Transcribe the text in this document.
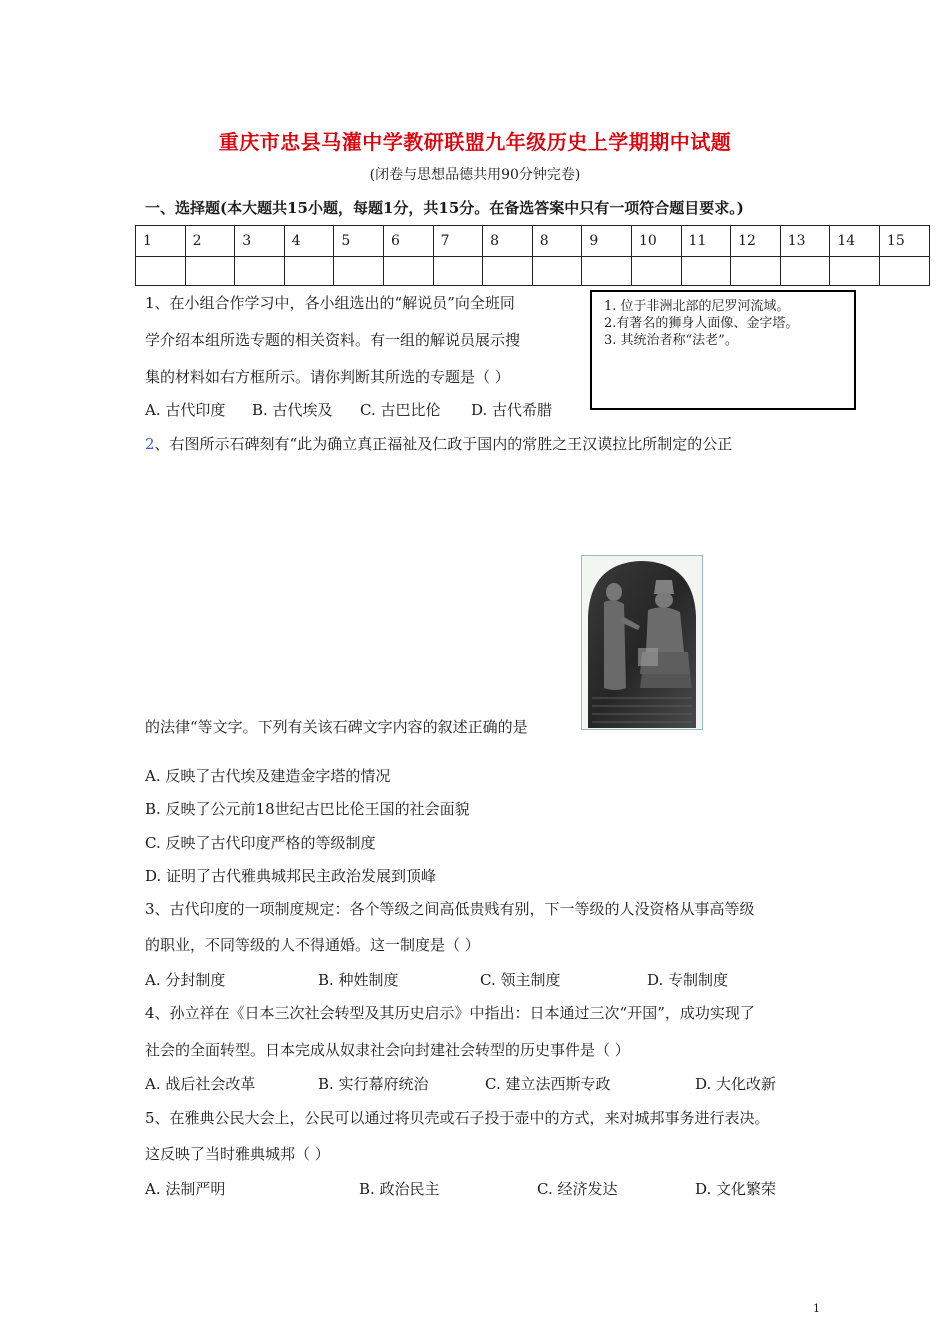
重庆市忠县马灌中学教研联盟九年级历史上学期期中试题
(闭卷与思想品德共用90分钟完卷)
一、选择题(本大题共15小题，每题1分，共15分。在备选答案中只有一项符合题目要求。)
1	2	3	4	5	6	7	8	8	9	10	11	12	13	14	15

1、在小组合作学习中，各小组选出的“解说员”向全班同
学介绍本组所选专题的相关资料。有一组的解说员展示搜
集的材料如右方框所示。请你判断其所选的专题是（ ）
A. 古代印度 B. 古代埃及 C. 古巴比伦 D. 古代希腊
1. 位于非洲北部的尼罗河流域。
2.有著名的狮身人面像、金字塔。
3. 其统治者称“法老”。
2、右图所示石碑刻有“此为确立真正福祉及仁政于国内的常胜之王汉谟拉比所制定的公正
的法律“等文字。下列有关该石碑文字内容的叙述正确的是
A. 反映了古代埃及建造金字塔的情况
B. 反映了公元前18世纪古巴比伦王国的社会面貌
C. 反映了古代印度严格的等级制度
D. 证明了古代雅典城邦民主政治发展到顶峰
3、古代印度的一项制度规定：各个等级之间高低贵贱有别，下一等级的人没资格从事高等级
的职业，不同等级的人不得通婚。这一制度是（ ）
A. 分封制度	B. 种姓制度	C. 领主制度	D. 专制制度
4、孙立祥在《日本三次社会转型及其历史启示》中指出：日本通过三次“开国”，成功实现了
社会的全面转型。日本完成从奴隶社会向封建社会转型的历史事件是（ ）
A. 战后社会改革	B. 实行幕府统治	C. 建立法西斯专政	D. 大化改新
5、在雅典公民大会上，公民可以通过将贝壳或石子投于壶中的方式，来对城邦事务进行表决。
这反映了当时雅典城邦（ ）
A. 法制严明	B. 政治民主	C. 经济发达	D. 文化繁荣
1
